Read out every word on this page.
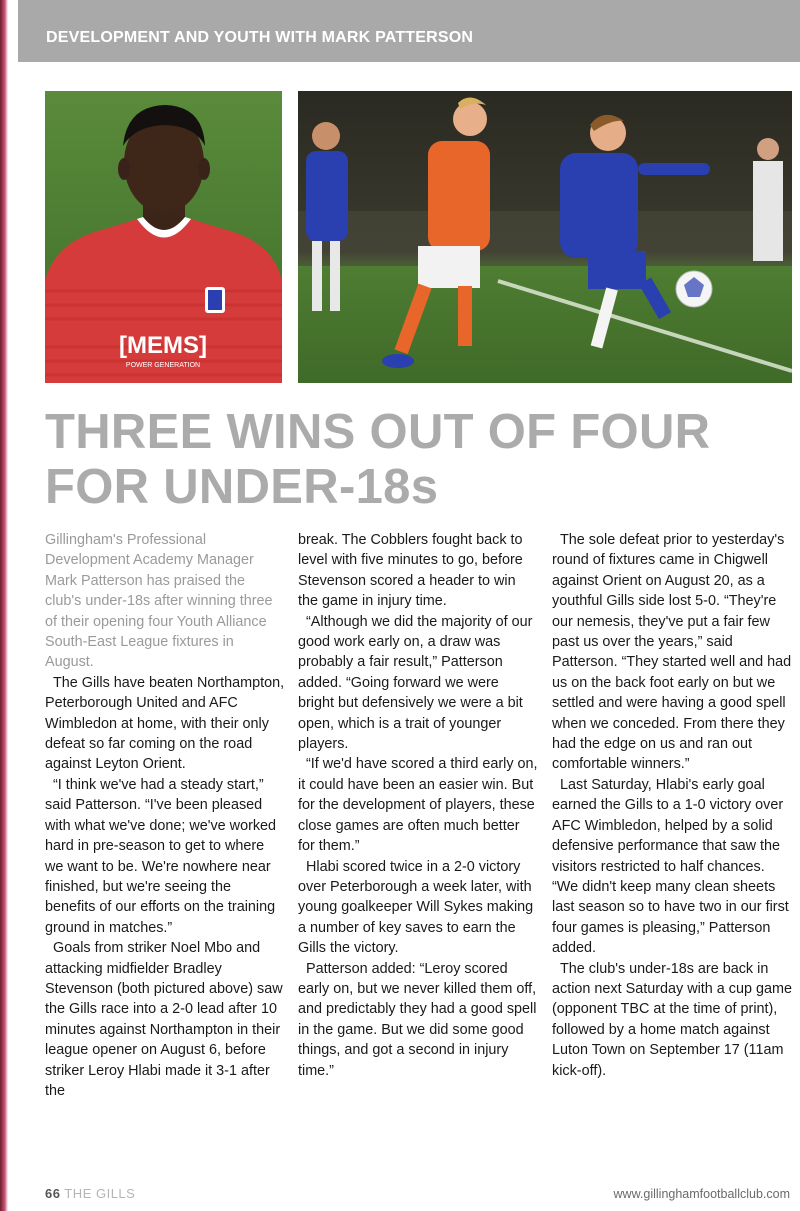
DEVELOPMENT AND YOUTH WITH MARK PATTERSON
[MEMS]
POWER GENERATION
THREE WINS OUT OF FOUR
FOR UNDER-18s

Gillingham's Professional Development Academy Manager Mark Patterson has praised the club's under-18s after winning three of their opening four Youth Alliance South-East League fixtures in August.

The Gills have beaten Northampton, Peterborough United and AFC Wimbledon at home, with their only defeat so far coming on the road against Leyton Orient.

“I think we've had a steady start,” said Patterson. “I've been pleased with what we've done; we've worked hard in pre-season to get to where we want to be. We're nowhere near finished, but we're seeing the benefits of our efforts on the training ground in matches.”

Goals from striker Noel Mbo and attacking midfielder Bradley Stevenson (both pictured above) saw the Gills race into a 2-0 lead after 10 minutes against Northampton in their league opener on August 6, before striker Leroy Hlabi made it 3-1 after the

break. The Cobblers fought back to level with five minutes to go, before Stevenson scored a header to win the game in injury time.

“Although we did the majority of our good work early on, a draw was probably a fair result,” Patterson added. “Going forward we were bright but defensively we were a bit open, which is a trait of younger players.

“If we'd have scored a third early on, it could have been an easier win. But for the development of players, these close games are often much better for them.”

Hlabi scored twice in a 2-0 victory over Peterborough a week later, with young goalkeeper Will Sykes making a number of key saves to earn the Gills the victory.

Patterson added: “Leroy scored early on, but we never killed them off, and predictably they had a good spell in the game. But we did some good things, and got a second in injury time.”

The sole defeat prior to yesterday's round of fixtures came in Chigwell against Orient on August 20, as a youthful Gills side lost 5-0. “They're our nemesis, they've put a fair few past us over the years,” said Patterson. “They started well and had us on the back foot early on but we settled and were having a good spell when we conceded. From there they had the edge on us and ran out comfortable winners.”

Last Saturday, Hlabi's early goal earned the Gills to a 1-0 victory over AFC Wimbledon, helped by a solid defensive performance that saw the visitors restricted to half chances. “We didn't keep many clean sheets last season so to have two in our first four games is pleasing,” Patterson added.

The club's under-18s are back in action next Saturday with a cup game (opponent TBC at the time of print), followed by a home match against Luton Town on September 17 (11am kick-off).

66 THE GILLS	www.gillinghamfootballclub.com
